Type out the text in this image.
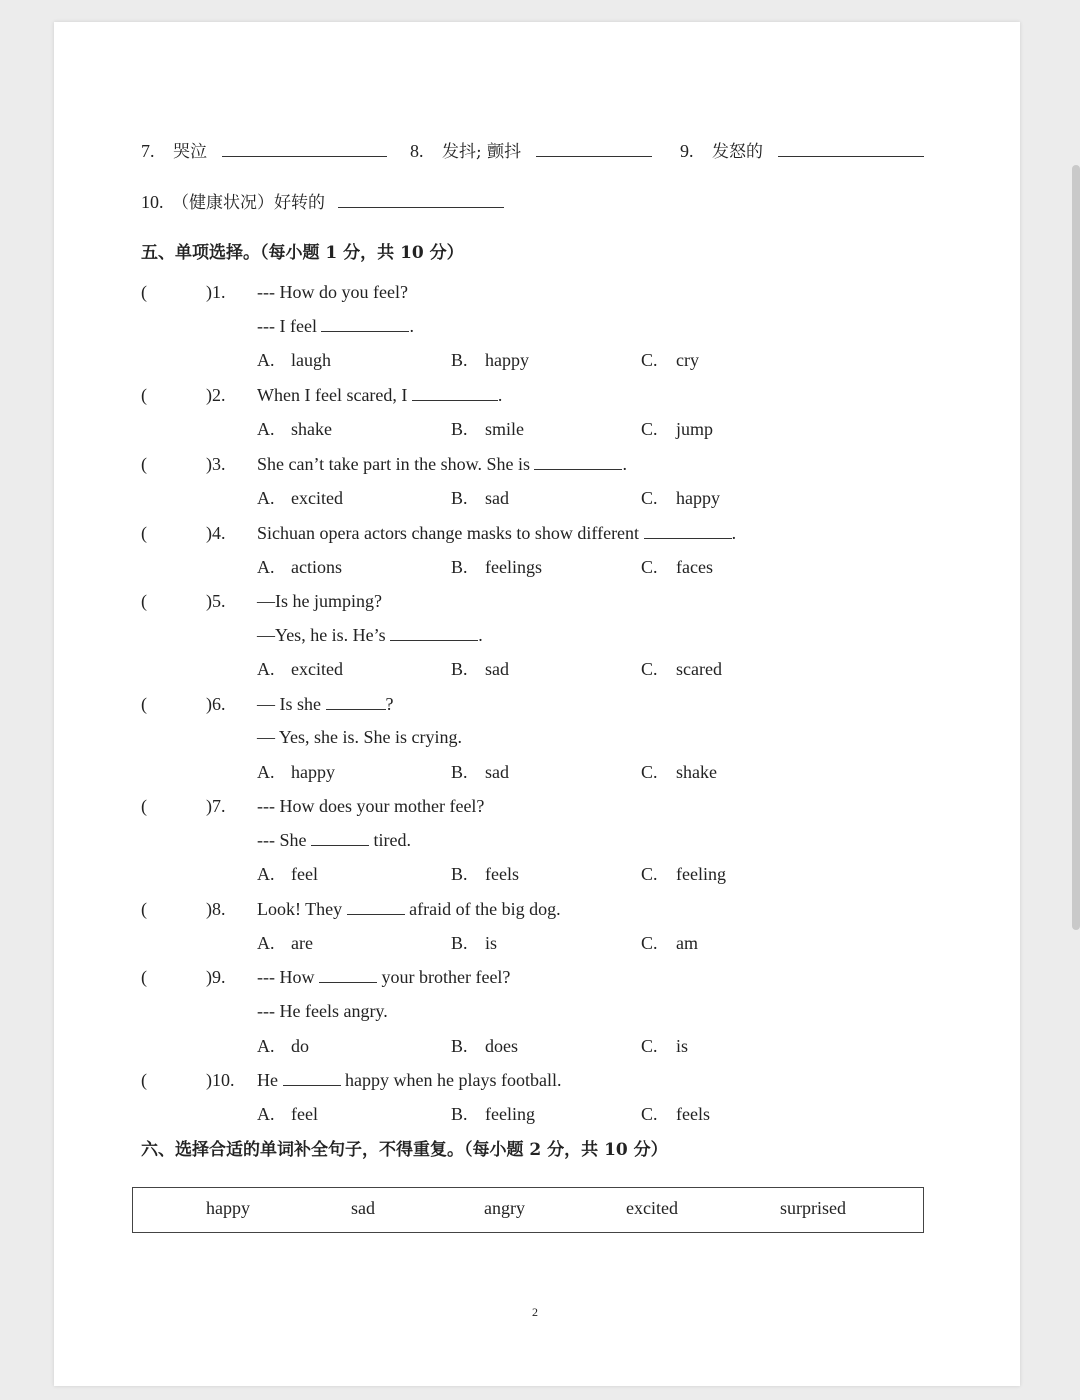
7. 哭泣	8. 发抖; 颤抖	9. 发怒的
10. （健康状况）好转的
五、单项选择。（每小题 1 分，共 10 分）
(	)1. --- How do you feel?
--- I feel	.
A. laugh	B. happy	C. cry
(	)2. When I feel scared, I	.
A. shake	B. smile	C. jump
(	)3. She can’t take part in the show. She is	.
A. excited	B. sad	C. happy
(	)4. Sichuan opera actors change masks to show different	.
A. actions	B. feelings	C. faces
(	)5. —Is he jumping?
—Yes, he is. He’s	.
A. excited	B. sad	C. scared
(	)6. — Is she	?
— Yes, she is. She is crying.
A. happy	B. sad	C. shake
(	)7. --- How does your mother feel?
--- She	tired.
A. feel	B. feels	C. feeling
(	)8. Look! They	afraid of the big dog.
A. are	B. is	C. am
(	)9. --- How	your brother feel?
--- He feels angry.
A. do	B. does	C. is
(	)10. He	happy when he plays football.
A. feel	B. feeling	C. feels
六、选择合适的单词补全句子，不得重复。（每小题 2 分，共 10 分）
happy	sad	angry	excited	surprised
2
